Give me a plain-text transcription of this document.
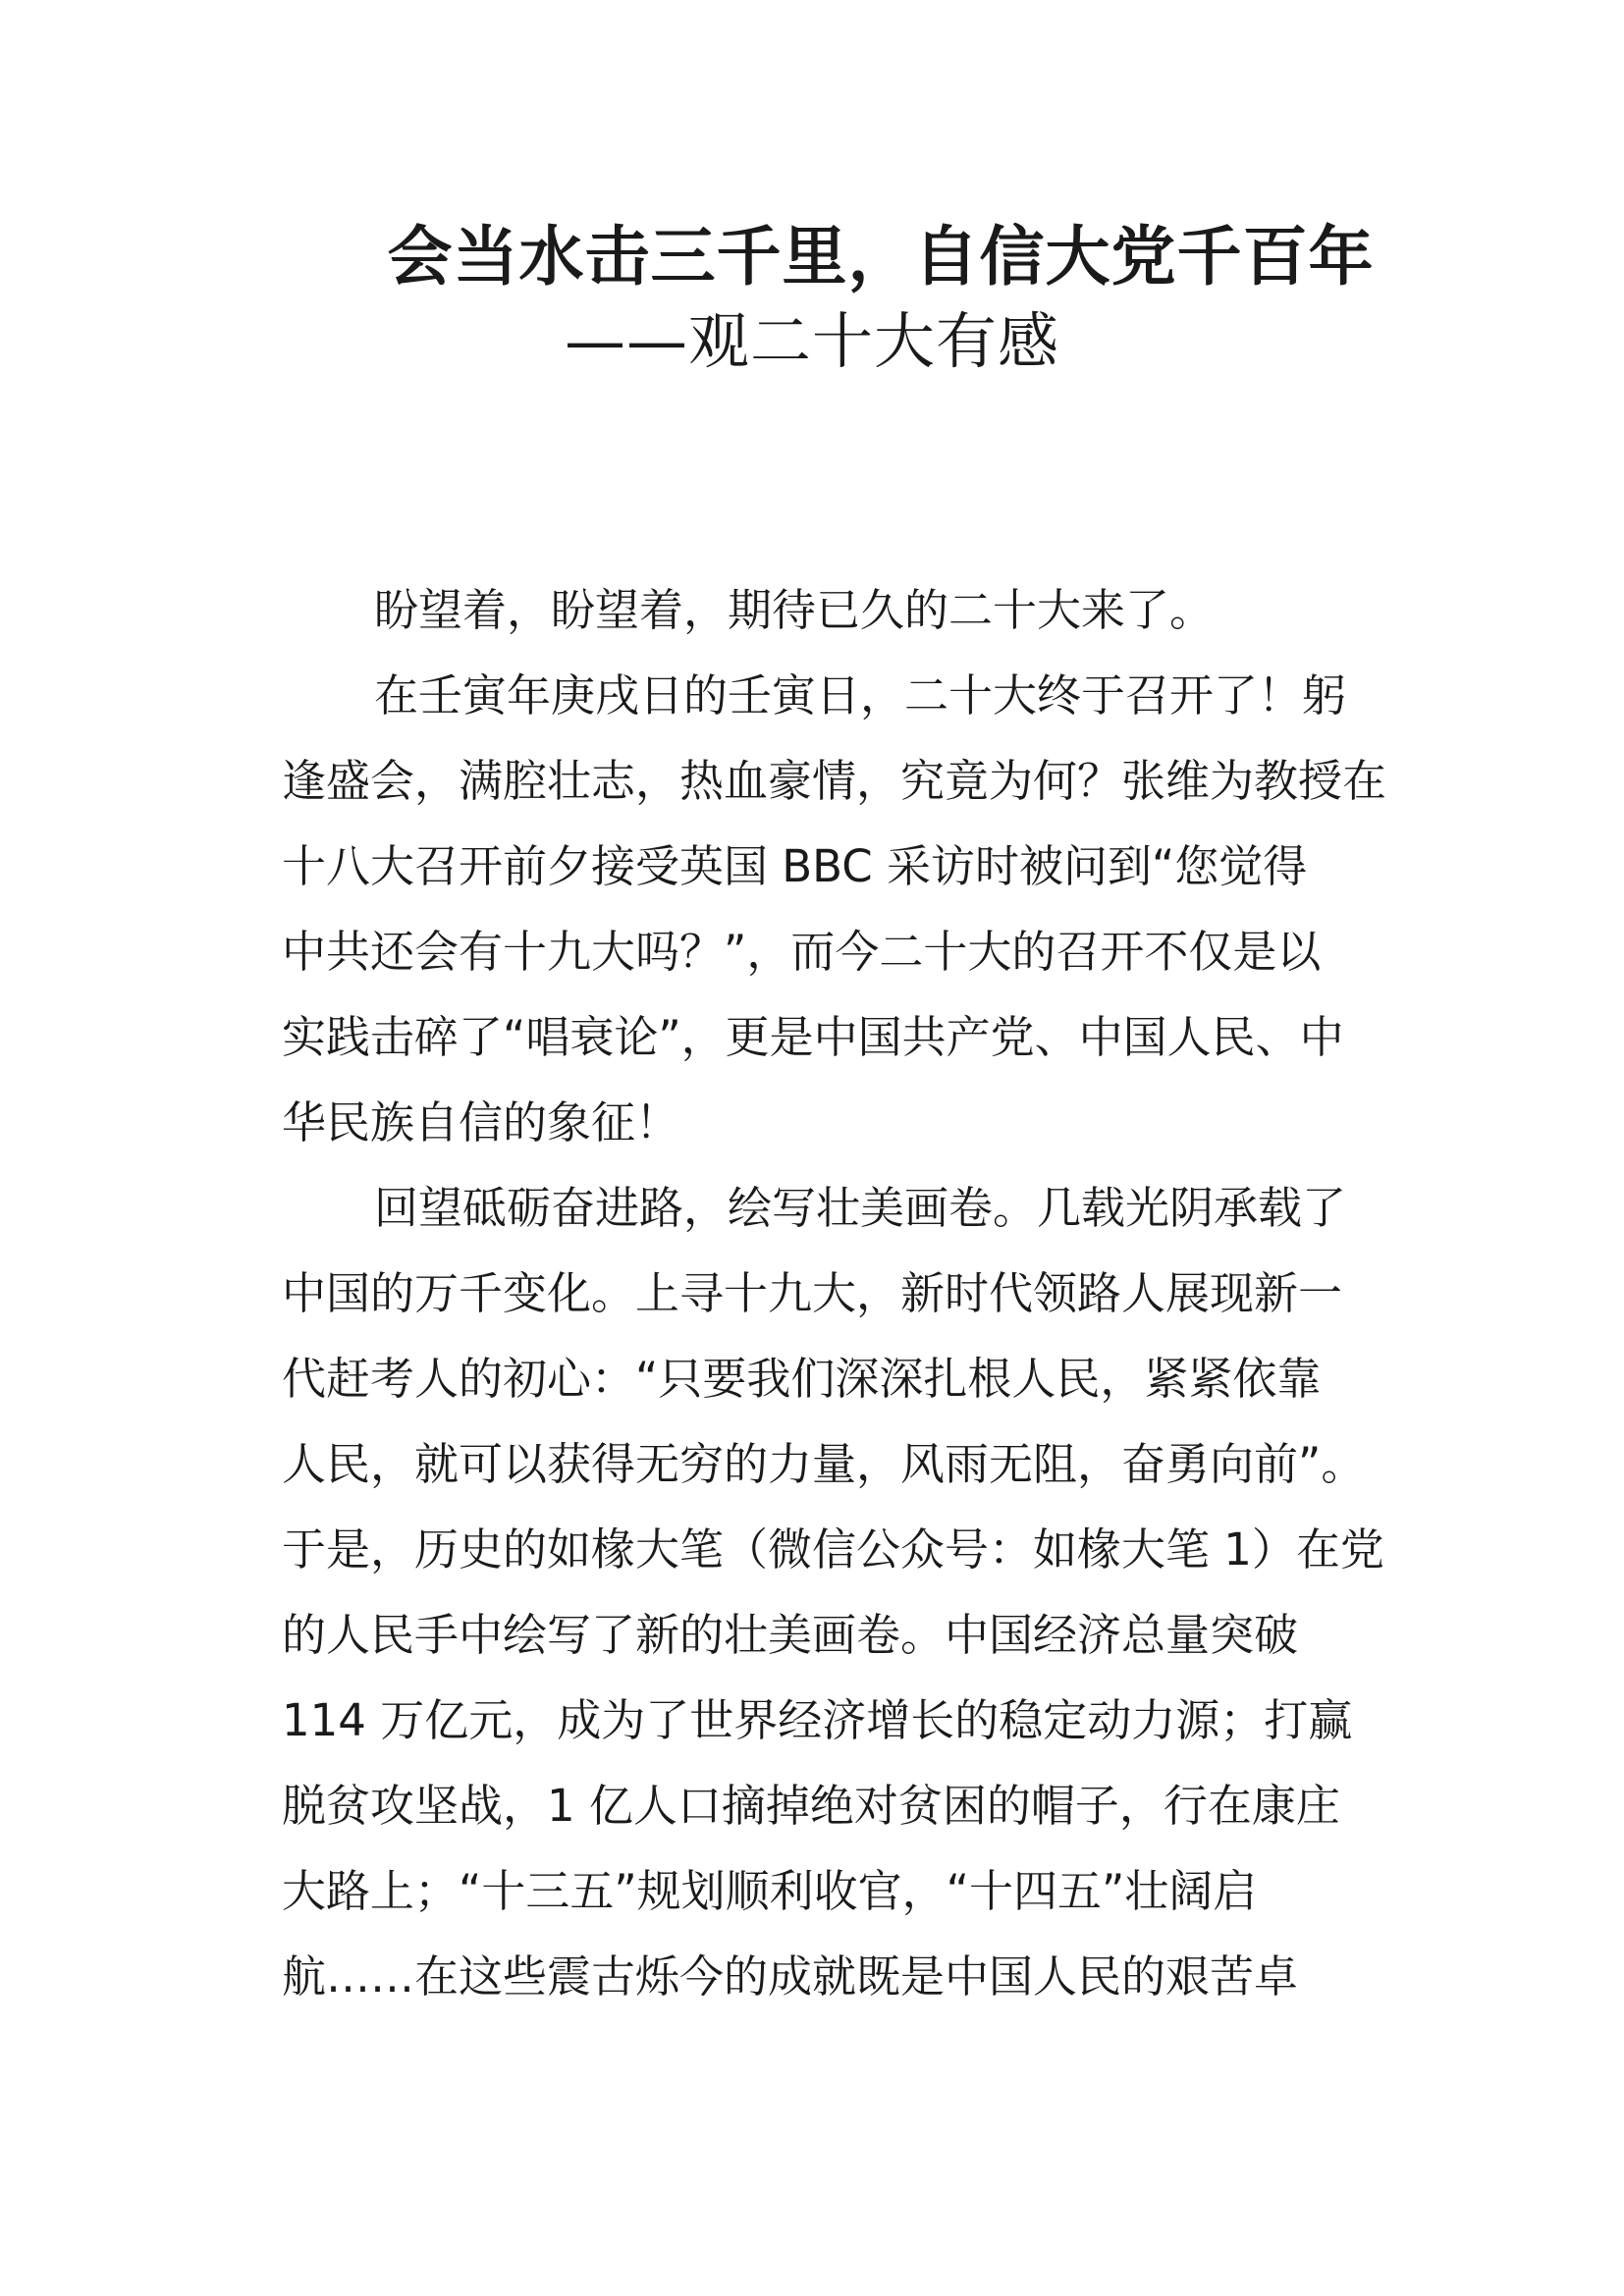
会当水击三千里，自信大党千百年
——观二十大有感
盼望着，盼望着，期待已久的二十大来了。
在壬寅年庚戌日的壬寅日，二十大终于召开了！躬
逢盛会，满腔壮志，热血豪情，究竟为何？张维为教授在
十八大召开前夕接受英国 BBC 采访时被问到“您觉得
中共还会有十九大吗？”，而今二十大的召开不仅是以
实践击碎了“唱衰论”，更是中国共产党、中国人民、中
华民族自信的象征！
回望砥砺奋进路，绘写壮美画卷。几载光阴承载了
中国的万千变化。上寻十九大，新时代领路人展现新一
代赶考人的初心：“只要我们深深扎根人民，紧紧依靠
人民，就可以获得无穷的力量，风雨无阻，奋勇向前”。
于是，历史的如椽大笔（微信公众号：如椽大笔 1）在党
的人民手中绘写了新的壮美画卷。中国经济总量突破
114 万亿元，成为了世界经济增长的稳定动力源；打赢
脱贫攻坚战，1 亿人口摘掉绝对贫困的帽子，行在康庄
大路上；“十三五”规划顺利收官，“十四五”壮阔启
航……在这些震古烁今的成就既是中国人民的艰苦卓
